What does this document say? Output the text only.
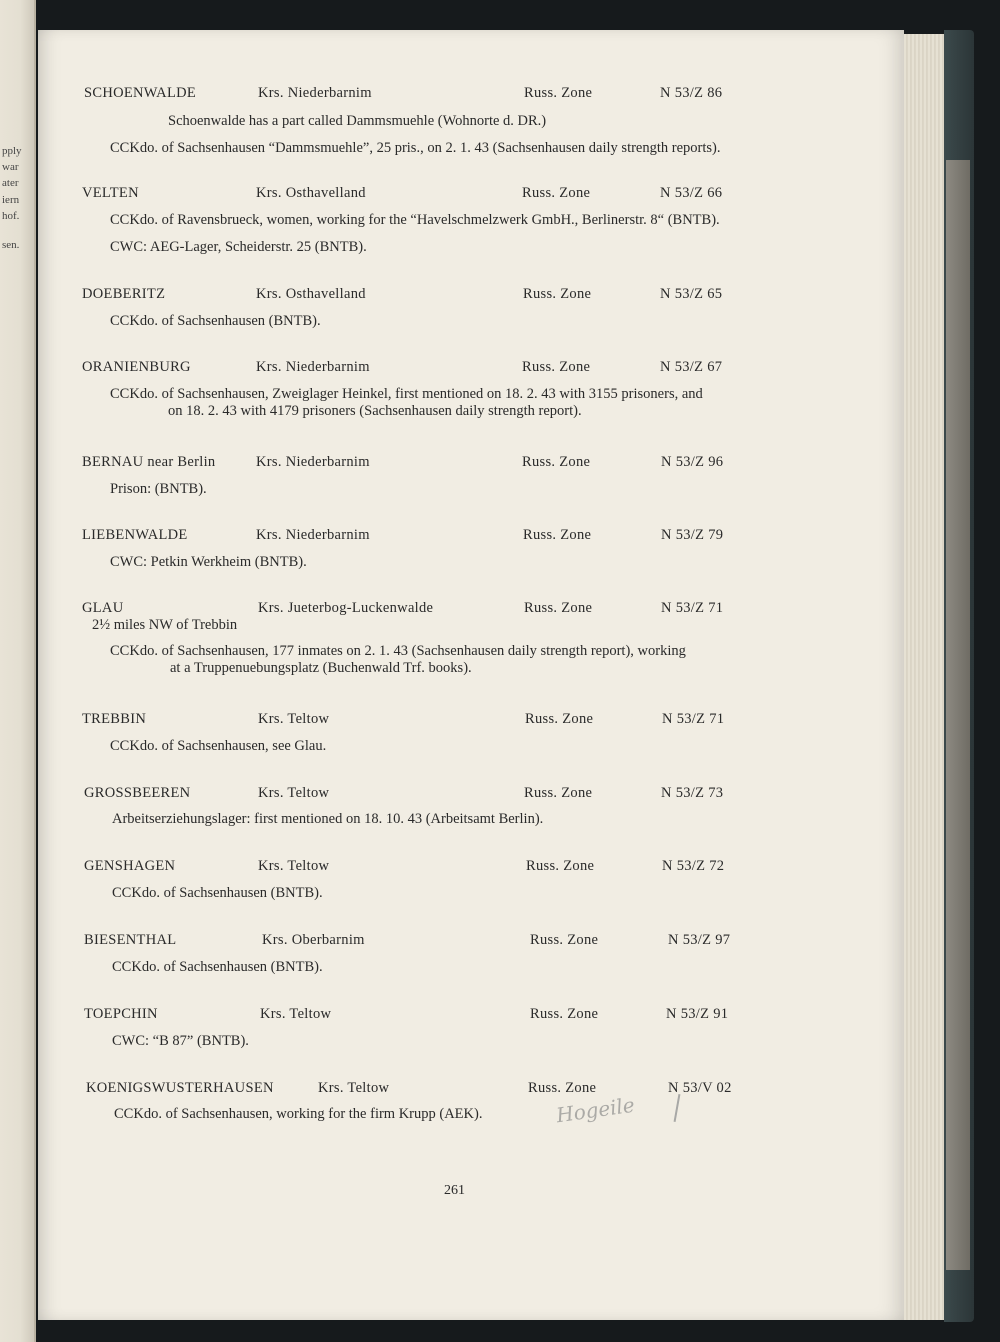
pply
war
ater
iern
hof.
sen.
SCHOENWALDE	Krs. Niederbarnim	Russ. Zone	N 53/Z 86
Schoenwalde has a part called Dammsmuehle (Wohnorte d. DR.)
CCKdo. of Sachsenhausen “Dammsmuehle”, 25 pris., on 2. 1. 43 (Sachsenhausen daily strength reports).
VELTEN	Krs. Osthavelland	Russ. Zone	N 53/Z 66
CCKdo. of Ravensbrueck, women, working for the “Havelschmelzwerk GmbH., Berlinerstr. 8“ (BNTB).
CWC: AEG-Lager, Scheiderstr. 25 (BNTB).
DOEBERITZ	Krs. Osthavelland	Russ. Zone	N 53/Z 65
CCKdo. of Sachsenhausen (BNTB).
ORANIENBURG	Krs. Niederbarnim	Russ. Zone	N 53/Z 67
CCKdo. of Sachsenhausen, Zweiglager Heinkel, first mentioned on 18. 2. 43 with 3155 prisoners, and
on 18. 2. 43 with 4179 prisoners (Sachsenhausen daily strength report).
BERNAU near Berlin	Krs. Niederbarnim	Russ. Zone	N 53/Z 96
Prison: (BNTB).
LIEBENWALDE	Krs. Niederbarnim	Russ. Zone	N 53/Z 79
CWC: Petkin Werkheim (BNTB).
GLAU	Krs. Jueterbog-Luckenwalde	Russ. Zone	N 53/Z 71
2½ miles NW of Trebbin
CCKdo. of Sachsenhausen, 177 inmates on 2. 1. 43 (Sachsenhausen daily strength report), working
at a Truppenuebungsplatz (Buchenwald Trf. books).
TREBBIN	Krs. Teltow	Russ. Zone	N 53/Z 71
CCKdo. of Sachsenhausen, see Glau.
GROSSBEEREN	Krs. Teltow	Russ. Zone	N 53/Z 73
Arbeitserziehungslager: first mentioned on 18. 10. 43 (Arbeitsamt Berlin).
GENSHAGEN	Krs. Teltow	Russ. Zone	N 53/Z 72
CCKdo. of Sachsenhausen (BNTB).
BIESENTHAL	Krs. Oberbarnim	Russ. Zone	N 53/Z 97
CCKdo. of Sachsenhausen (BNTB).
TOEPCHIN	Krs. Teltow	Russ. Zone	N 53/Z 91
CWC: “B 87” (BNTB).
KOENIGSWUSTERHAUSEN	Krs. Teltow	Russ. Zone	N 53/V 02
CCKdo. of Sachsenhausen, working for the firm Krupp (AEK).	Hogeile
261
